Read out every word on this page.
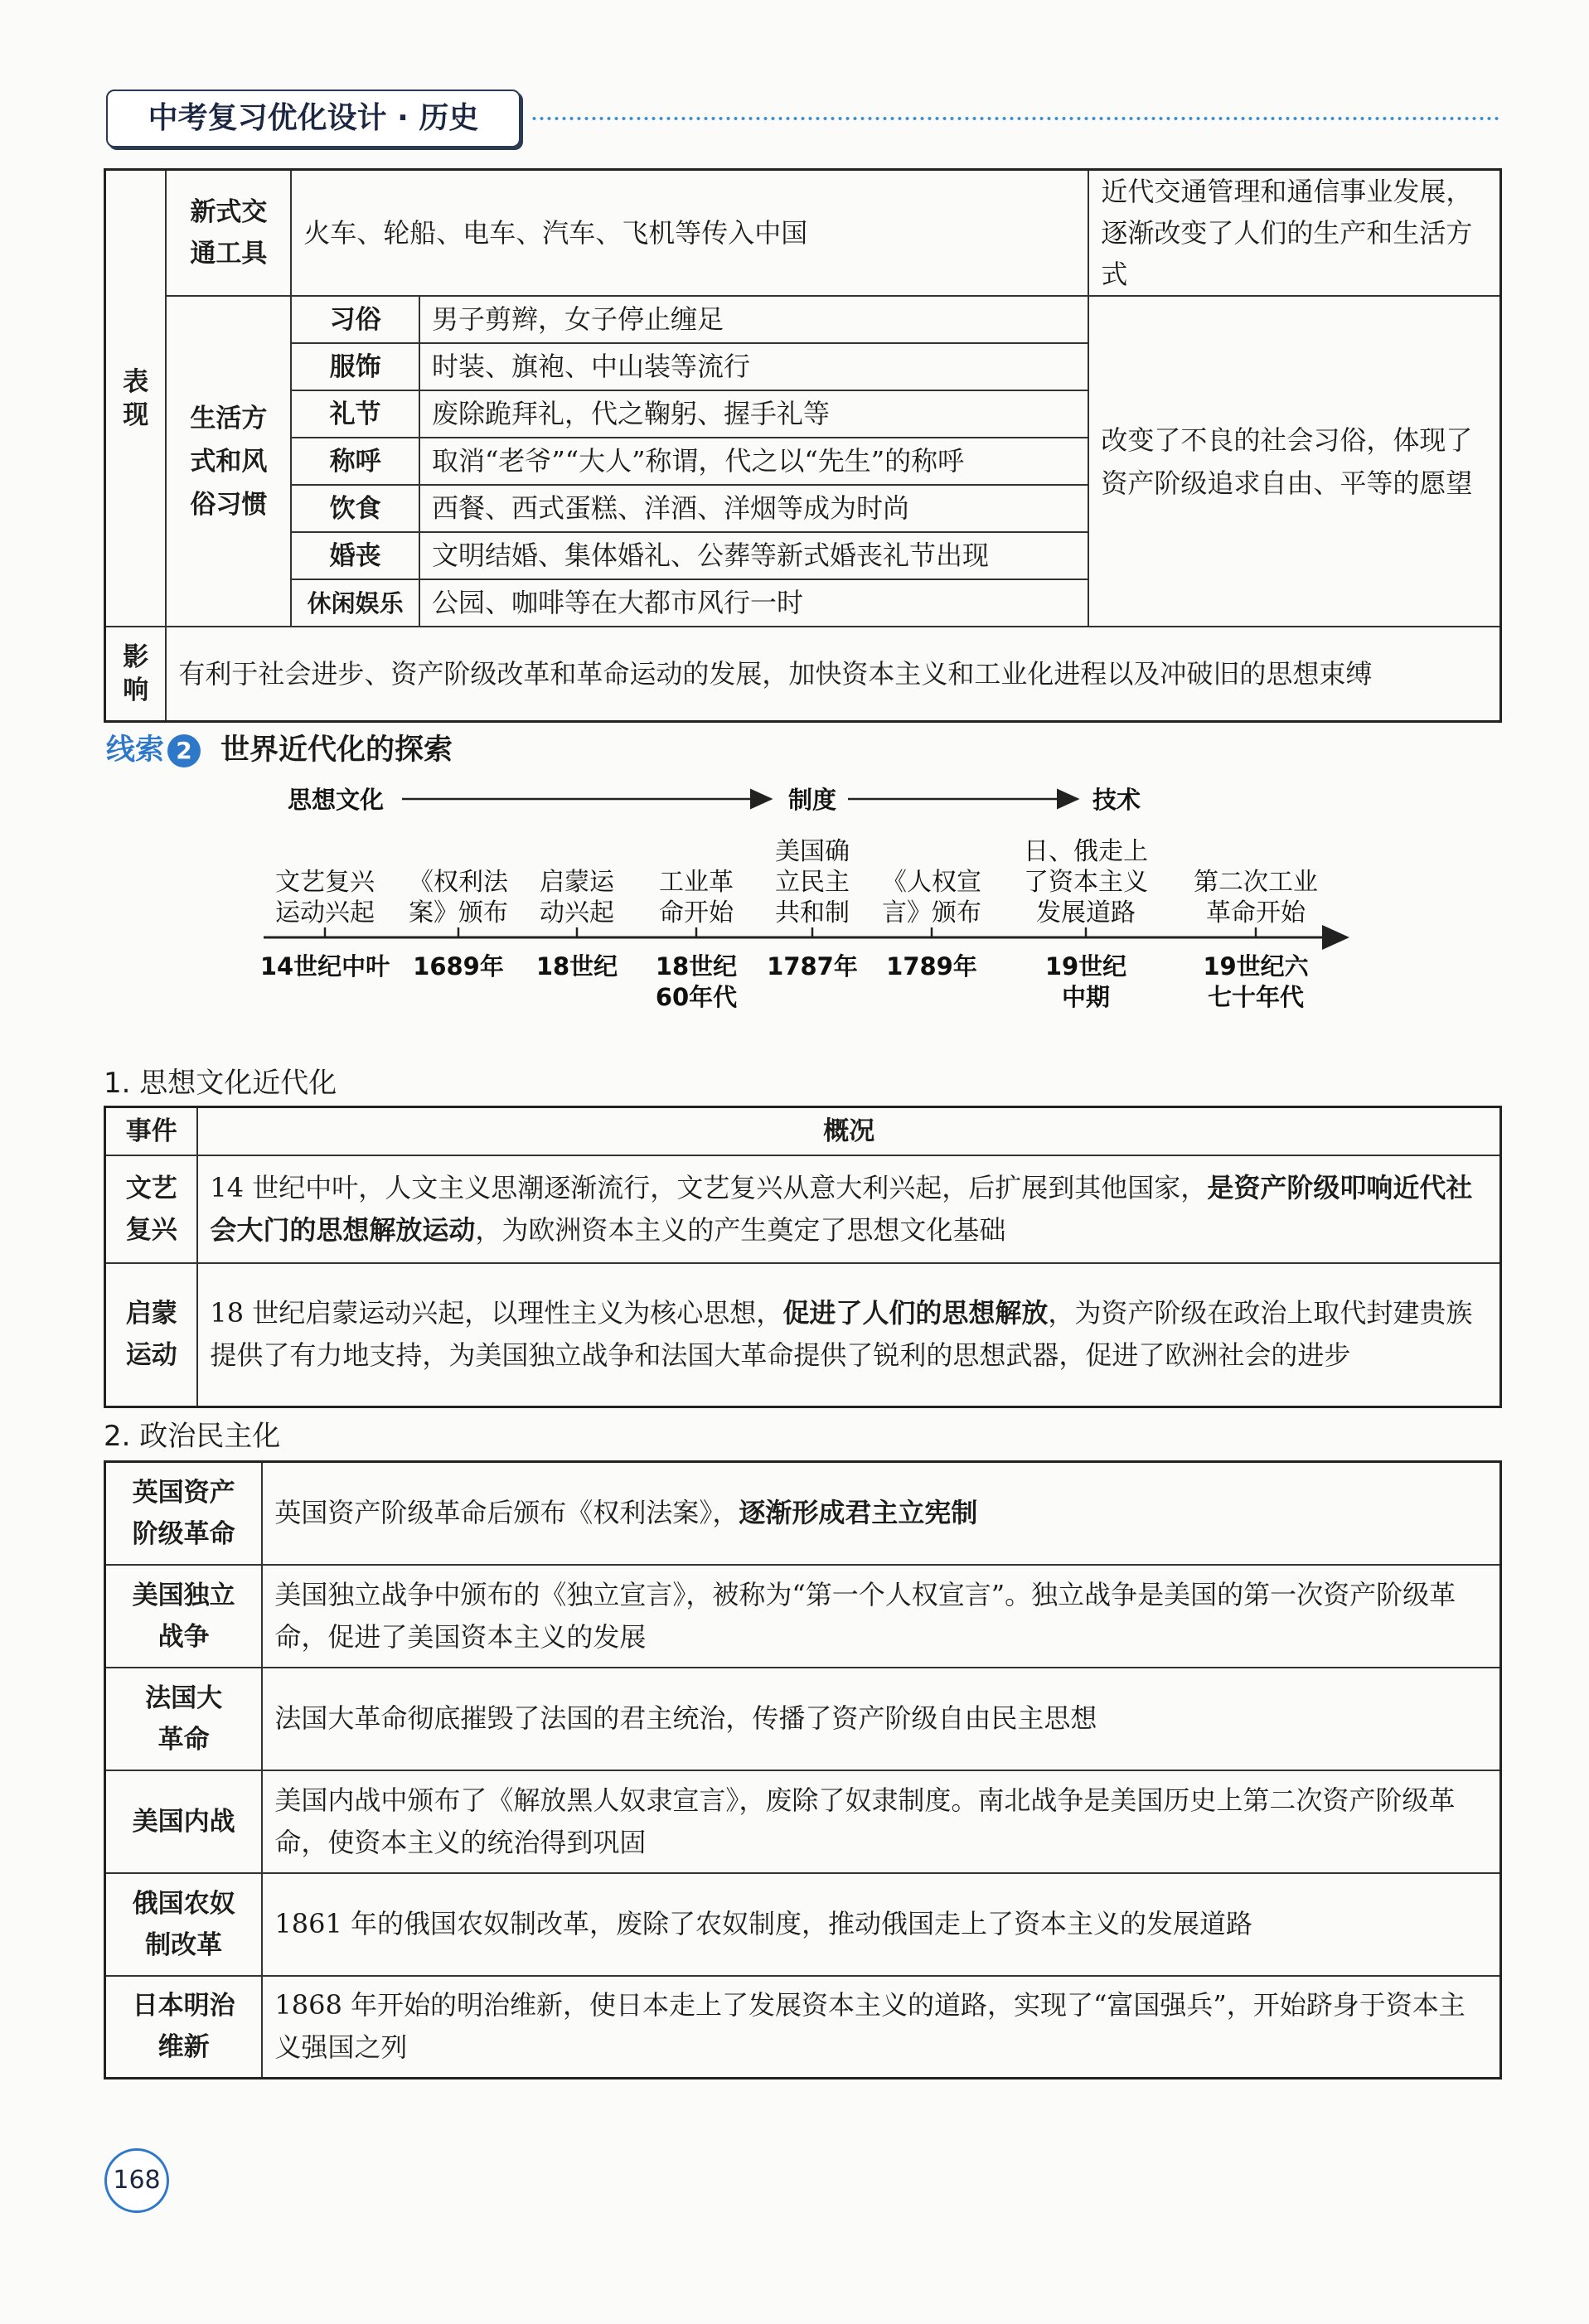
中考复习优化设计 · 历史
表现	新式交通工具	火车、轮船、电车、汽车、飞机等传入中国		近代交通管理和通信事业发展，逐渐改变了人们的生产和生活方式

	生活方式和风俗习惯	习俗	男子剪辫，女子停止缠足	改变了不良的社会习俗，体现了资产阶级追求自由、平等的愿望
		服饰	时装、旗袍、中山装等流行	
		礼节	废除跪拜礼，代之鞠躬、握手礼等	
		称呼	取消“老爷”“大人”称谓，代之以“先生”的称呼	
		饮食	西餐、西式蛋糕、洋酒、洋烟等成为时尚	
		婚丧	文明结婚、集体婚礼、公葬等新式婚丧礼节出现	
		休闲娱乐	公园、咖啡等在大都市风行一时	

影响	有利于社会进步、资产阶级改革和革命运动的发展，加快资本主义和工业化进程以及冲破旧的思想束缚			
线索 2 世界近代化的探索
思想文化	制度	技术
文艺复兴运动兴起
14世纪中叶
《权利法案》颁布
1689年
启蒙运动兴起
18世纪
工业革命开始
18世纪 60年代
美国确立民主共和制
1787年
《人权宣言》颁布
1789年
日、俄走上了资本主义发展道路
19世纪中期
第二次工业革命开始
19世纪六七十年代
1. 思想文化近代化
事件	概况

文艺复兴	14 世纪中叶，人文主义思潮逐渐流行，文艺复兴从意大利兴起，后扩展到其他国家，是资产阶级叩响近代社会大门的思想解放运动，为欧洲资本主义的产生奠定了思想文化基础

启蒙运动	18 世纪启蒙运动兴起，以理性主义为核心思想，促进了人们的思想解放，为资产阶级在政治上取代封建贵族提供了有力地支持，为美国独立战争和法国大革命提供了锐利的思想武器，促进了欧洲社会的进步
2. 政治民主化
英国资产阶级革命	英国资产阶级革命后颁布《权利法案》，逐渐形成君主立宪制

美国独立战争	美国独立战争中颁布的《独立宣言》，被称为“第一个人权宣言”。独立战争是美国的第一次资产阶级革命，促进了美国资本主义的发展

法国大革命	法国大革命彻底摧毁了法国的君主统治，传播了资产阶级自由民主思想
美国内战	美国内战中颁布了《解放黑人奴隶宣言》，废除了奴隶制度。南北战争是美国历史上第二次资产阶级革命，使资本主义的统治得到巩固

俄国农奴制改革	1861 年的俄国农奴制改革，废除了农奴制度，推动俄国走上了资本主义的发展道路

日本明治维新	1868 年开始的明治维新，使日本走上了发展资本主义的道路，实现了“富国强兵”，开始跻身于资本主义强国之列
168
